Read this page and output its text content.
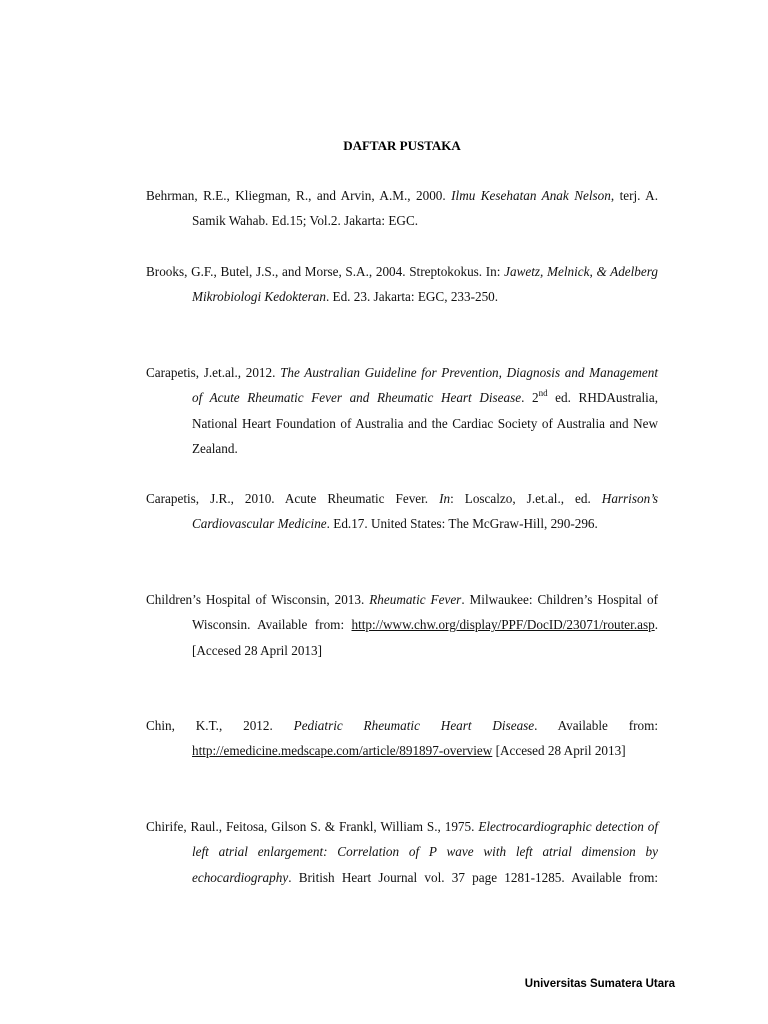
DAFTAR PUSTAKA
Behrman, R.E., Kliegman, R., and Arvin, A.M., 2000. Ilmu Kesehatan Anak Nelson, terj. A. Samik Wahab. Ed.15; Vol.2. Jakarta: EGC.
Brooks, G.F., Butel, J.S., and Morse, S.A., 2004. Streptokokus. In: Jawetz, Melnick, & Adelberg Mikrobiologi Kedokteran. Ed. 23. Jakarta: EGC, 233-250.
Carapetis, J.et.al., 2012. The Australian Guideline for Prevention, Diagnosis and Management of Acute Rheumatic Fever and Rheumatic Heart Disease. 2nd ed. RHDAustralia, National Heart Foundation of Australia and the Cardiac Society of Australia and New Zealand.
Carapetis, J.R., 2010. Acute Rheumatic Fever. In: Loscalzo, J.et.al., ed. Harrison’s Cardiovascular Medicine. Ed.17. United States: The McGraw-Hill, 290-296.
Children’s Hospital of Wisconsin, 2013. Rheumatic Fever. Milwaukee: Children’s Hospital of Wisconsin. Available from: http://www.chw.org/display/PPF/DocID/23071/router.asp. [Accesed 28 April 2013]
Chin, K.T., 2012. Pediatric Rheumatic Heart Disease. Available from: http://emedicine.medscape.com/article/891897-overview [Accesed 28 April 2013]
Chirife, Raul., Feitosa, Gilson S. & Frankl, William S., 1975. Electrocardiographic detection of left atrial enlargement: Correlation of P wave with left atrial dimension by echocardiography. British Heart Journal vol. 37 page 1281-1285. Available from:
Universitas Sumatera Utara
